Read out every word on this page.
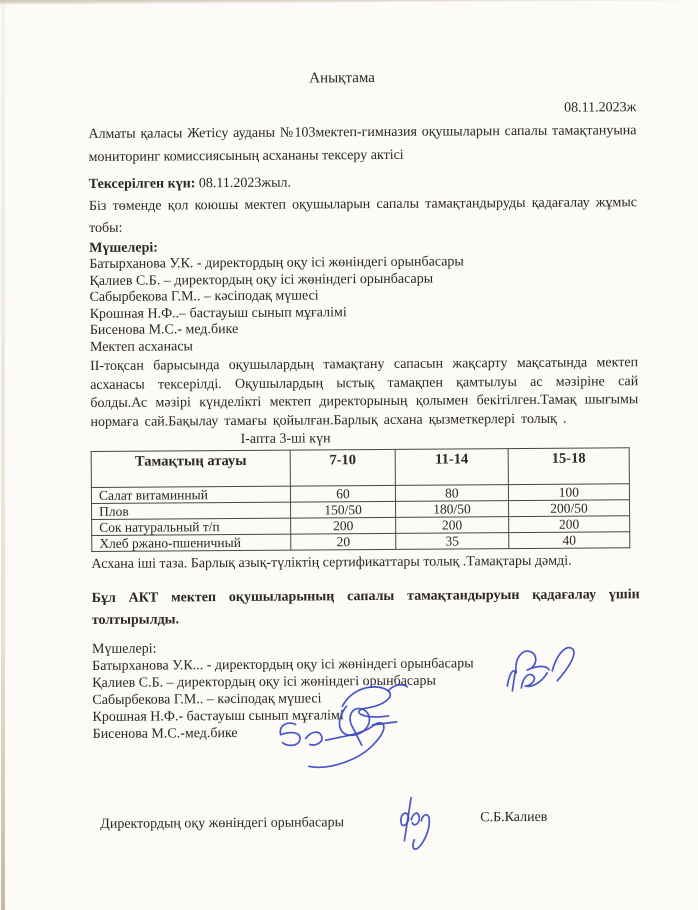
Анықтама
08.11.2023ж

Алматы қаласы Жетісу ауданы №103мектеп-гимназия оқушыларын сапалы тамақтануына мониторинг комиссиясының асхананы тексеру актісі

Тексерілген күн: 08.11.2023жыл.

Біз төменде қол коюшы мектеп оқушыларын сапалы тамақтандыруды қадағалау жұмыс тобы:

Мүшелері:
Батырханова У.К. - директордың оқу ісі жөніндегі орынбасары
Қалиев С.Б. – директордың оқу ісі жөніндегі орынбасары
Сабырбекова Г.М.. – кәсіподақ мүшесі
Крошная Н.Ф..– бастауыш сынып мұғалімі
Бисенова М.С.- мед.бике
Мектеп асханасы

ІІ-тоқсан барысында оқушылардың тамақтану сапасын жақсарту мақсатында мектеп асханасы тексерілді. Оқушылардың ыстық тамақпен қамтылуы ас мәзіріне сай болды.Ас мәзірі күнделікті мектеп директорының қолымен бекітілген.Тамақ шығымы нормаға сай.Бақылау тамағы қойылған.Барлық асхана қызметкерлері толық .

І-апта 3-ші күн
Тамақтың атауы	7-10	11-14	15-18
Салат витаминный	60	80	100
Плов	150/50	180/50	200/50
Сок натуральный т/п	200	200	200
Хлеб ржано-пшеничный	20	35	40
Асхана іші таза. Барлық азық-түліктің сертификаттары толық .Тамақтары дәмді.

Бұл АКТ мектеп оқушыларының сапалы тамақтандыруын қадағалау үшін толтырылды.

Мүшелері:
Батырханова У.К... - директордың оқу ісі жөніндегі орынбасары
Қалиев С.Б. – директордың оқу ісі жөніндегі орынбасары
Сабырбекова Г.М.. – кәсіподақ мүшесі
Крошная Н.Ф.- бастауыш сынып мұғалімі
Бисенова М.С.-мед.бике
Директордың оқу жөніндегі орынбасары	С.Б.Калиев
